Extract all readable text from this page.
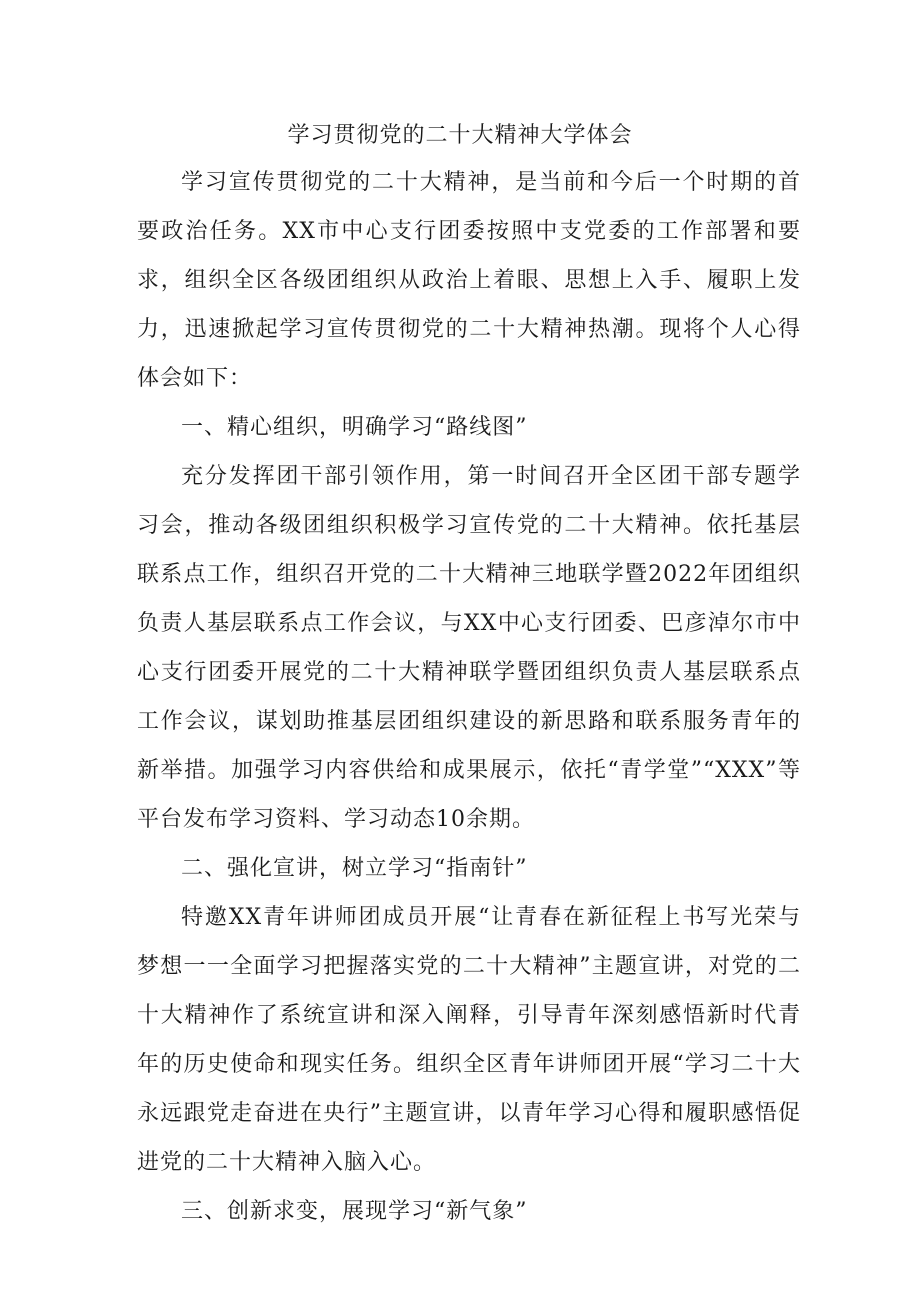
学习贯彻党的二十大精神大学体会

学习宣传贯彻党的二十大精神，是当前和今后一个时期的首要政治任务。XX市中心支行团委按照中支党委的工作部署和要求，组织全区各级团组织从政治上着眼、思想上入手、履职上发力，迅速掀起学习宣传贯彻党的二十大精神热潮。现将个人心得体会如下：

一、精心组织，明确学习“路线图”

充分发挥团干部引领作用，第一时间召开全区团干部专题学习会，推动各级团组织积极学习宣传党的二十大精神。依托基层联系点工作，组织召开党的二十大精神三地联学暨2022年团组织负责人基层联系点工作会议，与XX中心支行团委、巴彦淖尔市中心支行团委开展党的二十大精神联学暨团组织负责人基层联系点工作会议，谋划助推基层团组织建设的新思路和联系服务青年的新举措。加强学习内容供给和成果展示，依托“青学堂”“XXX”等平台发布学习资料、学习动态10余期。

二、强化宣讲，树立学习“指南针”

特邀XX青年讲师团成员开展“让青春在新征程上书写光荣与梦想一一全面学习把握落实党的二十大精神”主题宣讲，对党的二十大精神作了系统宣讲和深入阐释，引导青年深刻感悟新时代青年的历史使命和现实任务。组织全区青年讲师团开展“学习二十大永远跟党走奋进在央行”主题宣讲，以青年学习心得和履职感悟促进党的二十大精神入脑入心。

三、创新求变，展现学习“新气象”
